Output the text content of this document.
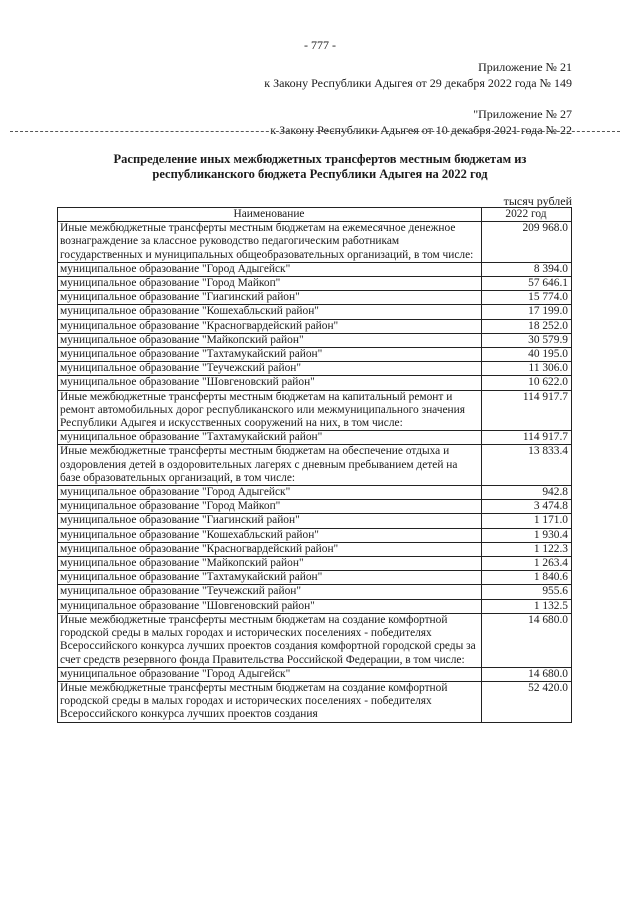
- 777 -
Приложение № 21
к Закону Республики Адыгея от 29 декабря 2022 года № 149
"Приложение № 27
к Закону Республики Адыгея от 10 декабря 2021 года № 22
Распределение иных межбюджетных трансфертов местным бюджетам из республиканского бюджета Республики Адыгея на 2022 год
тысяч рублей
Наименование	2022 год
Иные межбюджетные трансферты местным бюджетам на ежемесячное денежное вознаграждение за классное руководство педагогическим работникам государственных и муниципальных общеобразовательных организаций, в том числе:	209 968.0
муниципальное образование "Город Адыгейск"	8 394.0
муниципальное образование "Город Майкоп"	57 646.1
муниципальное образование "Гиагинский район"	15 774.0
муниципальное образование "Кошехабльский район"	17 199.0
муниципальное образование "Красногвардейский район"	18 252.0
муниципальное образование "Майкопский район"	30 579.9
муниципальное образование "Тахтамукайский район"	40 195.0
муниципальное образование "Теучежский район"	11 306.0
муниципальное образование "Шовгеновский район"	10 622.0
Иные межбюджетные трансферты местным бюджетам на капитальный ремонт и ремонт автомобильных дорог республиканского или межмуниципального значения Республики Адыгея и искусственных сооружений на них, в том числе:	114 917.7
муниципальное образование "Тахтамукайский район"	114 917.7
Иные межбюджетные трансферты местным бюджетам на обеспечение отдыха и оздоровления детей в оздоровительных лагерях с дневным пребыванием детей на базе образовательных организаций, в том числе:	13 833.4
муниципальное образование "Город Адыгейск"	942.8
муниципальное образование "Город Майкоп"	3 474.8
муниципальное образование "Гиагинский район"	1 171.0
муниципальное образование "Кошехабльский район"	1 930.4
муниципальное образование "Красногвардейский район"	1 122.3
муниципальное образование "Майкопский район"	1 263.4
муниципальное образование "Тахтамукайский район"	1 840.6
муниципальное образование "Теучежский район"	955.6
муниципальное образование "Шовгеновский район"	1 132.5
Иные межбюджетные трансферты местным бюджетам на создание комфортной городской среды в малых городах и исторических поселениях - победителях Всероссийского конкурса лучших проектов создания комфортной городской среды за счет средств резервного фонда Правительства Российской Федерации, в том числе:	14 680.0
муниципальное образование "Город Адыгейск"	14 680.0
Иные межбюджетные трансферты местным бюджетам на создание комфортной городской среды в малых городах и исторических поселениях - победителях Всероссийского конкурса лучших проектов создания	52 420.0
